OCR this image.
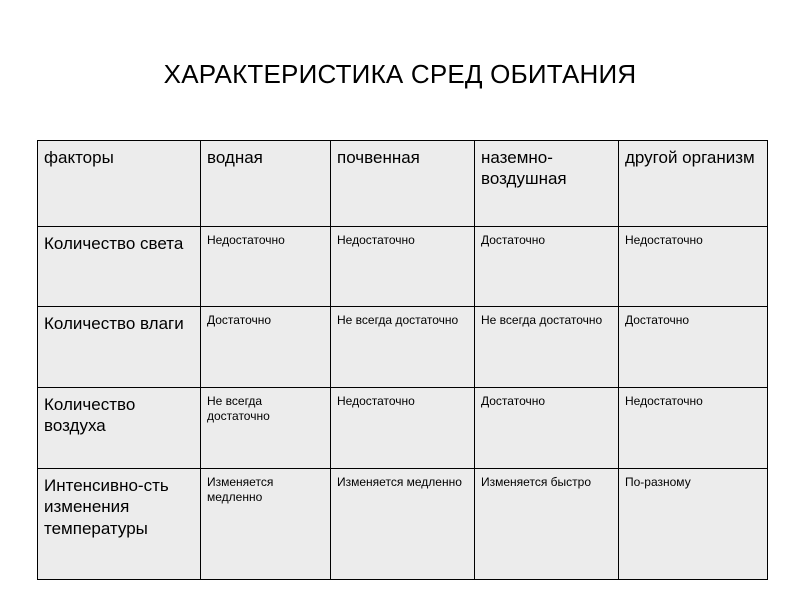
ХАРАКТЕРИСТИКА СРЕД ОБИТАНИЯ
факторы	водная	почвенная	наземно-воздушная	другой организм
Количество света	Недостаточно	Недостаточно	Достаточно	Недостаточно
Количество влаги	Достаточно	Не всегда достаточно	Не всегда достаточно	Достаточно
Количество воздуха	Не всегда достаточно	Недостаточно	Достаточно	Недостаточно
Интенсивно-сть изменения температуры	Изменяется медленно	Изменяется медленно	Изменяется быстро	По-разному
